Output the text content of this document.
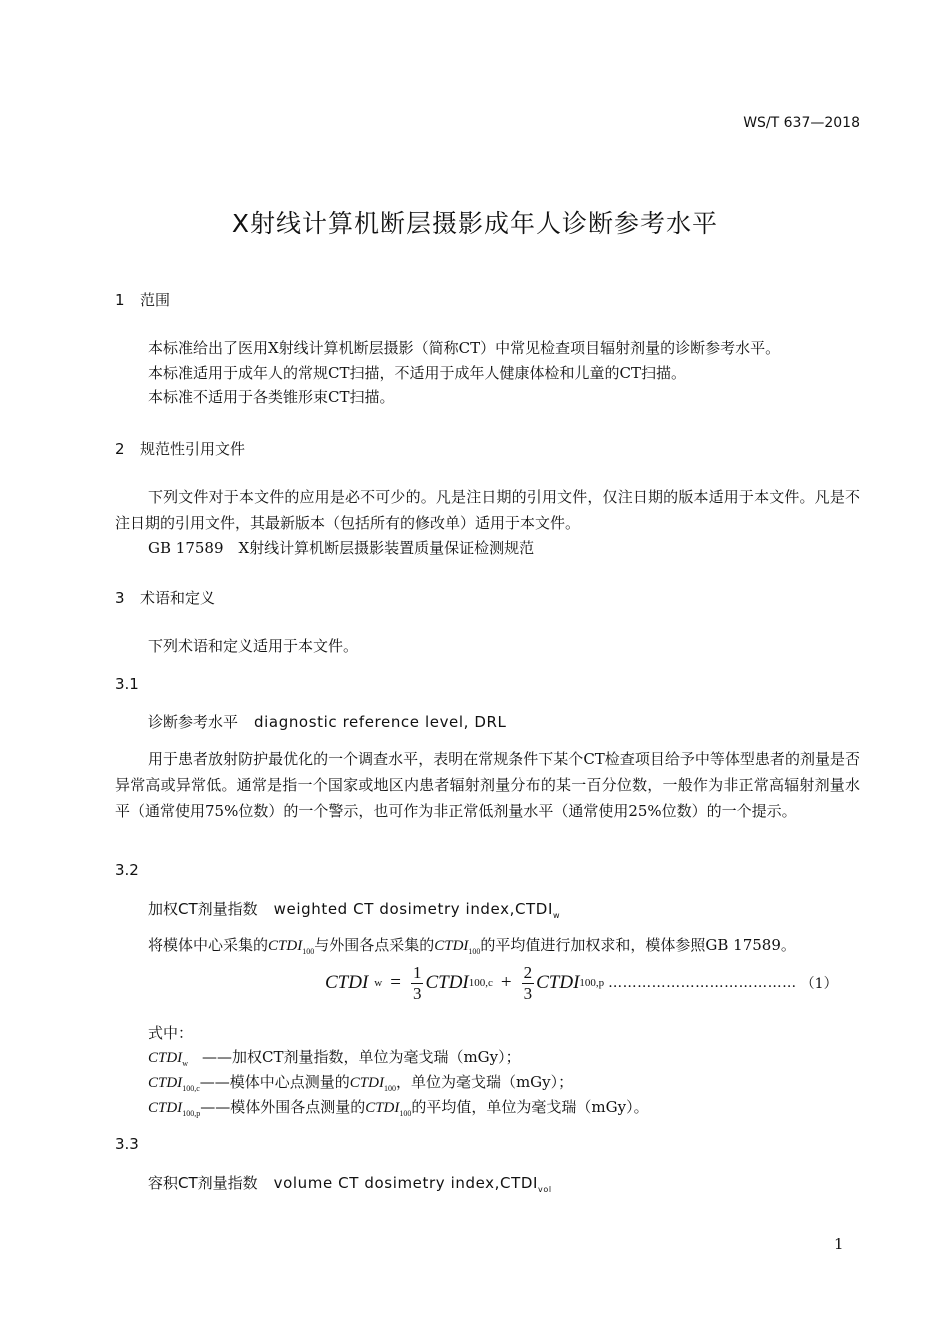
WS/T 637—2018
X射线计算机断层摄影成年人诊断参考水平
1 范围
本标准给出了医用X射线计算机断层摄影（简称CT）中常见检查项目辐射剂量的诊断参考水平。
本标准适用于成年人的常规CT扫描，不适用于成年人健康体检和儿童的CT扫描。
本标准不适用于各类锥形束CT扫描。
2 规范性引用文件
下列文件对于本文件的应用是必不可少的。凡是注日期的引用文件，仅注日期的版本适用于本文件。凡是不注日期的引用文件，其最新版本（包括所有的修改单）适用于本文件。
GB 17589　X射线计算机断层摄影装置质量保证检测规范
3 术语和定义
下列术语和定义适用于本文件。
3.1
诊断参考水平 diagnostic reference level, DRL
用于患者放射防护最优化的一个调查水平，表明在常规条件下某个CT检查项目给予中等体型患者的剂量是否异常高或异常低。通常是指一个国家或地区内患者辐射剂量分布的某一百分位数，一般作为非正常高辐射剂量水平（通常使用75%位数）的一个警示，也可作为非正常低剂量水平（通常使用25%位数）的一个提示。
3.2
加权CT剂量指数 weighted CT dosimetry $index,CTDI_w$
将模体中心采集的$CTDI_{100}$与外围各点采集的$CTDI_{100}$的平均值进行加权求和，模体参照GB 17589。
CTDI $w = \frac{1}{3}$ CTDI $100,c + \frac{2}{3}$ CTDI 100,p ………………………………… （1）
式中：
$CTDI_w$ ——加权CT剂量指数，单位为毫戈瑞（mGy）；
$CTDI_{100,c}——$模体中心点测量的$CTDI_{100}$，单位为毫戈瑞（mGy）；
$CTDI_{100,p}——$模体外围各点测量的$CTDI_{100}$的平均值，单位为毫戈瑞（mGy）。
3.3
容积CT剂量指数 volume CT dosimetry $index,CTDI_{vol}$
1
